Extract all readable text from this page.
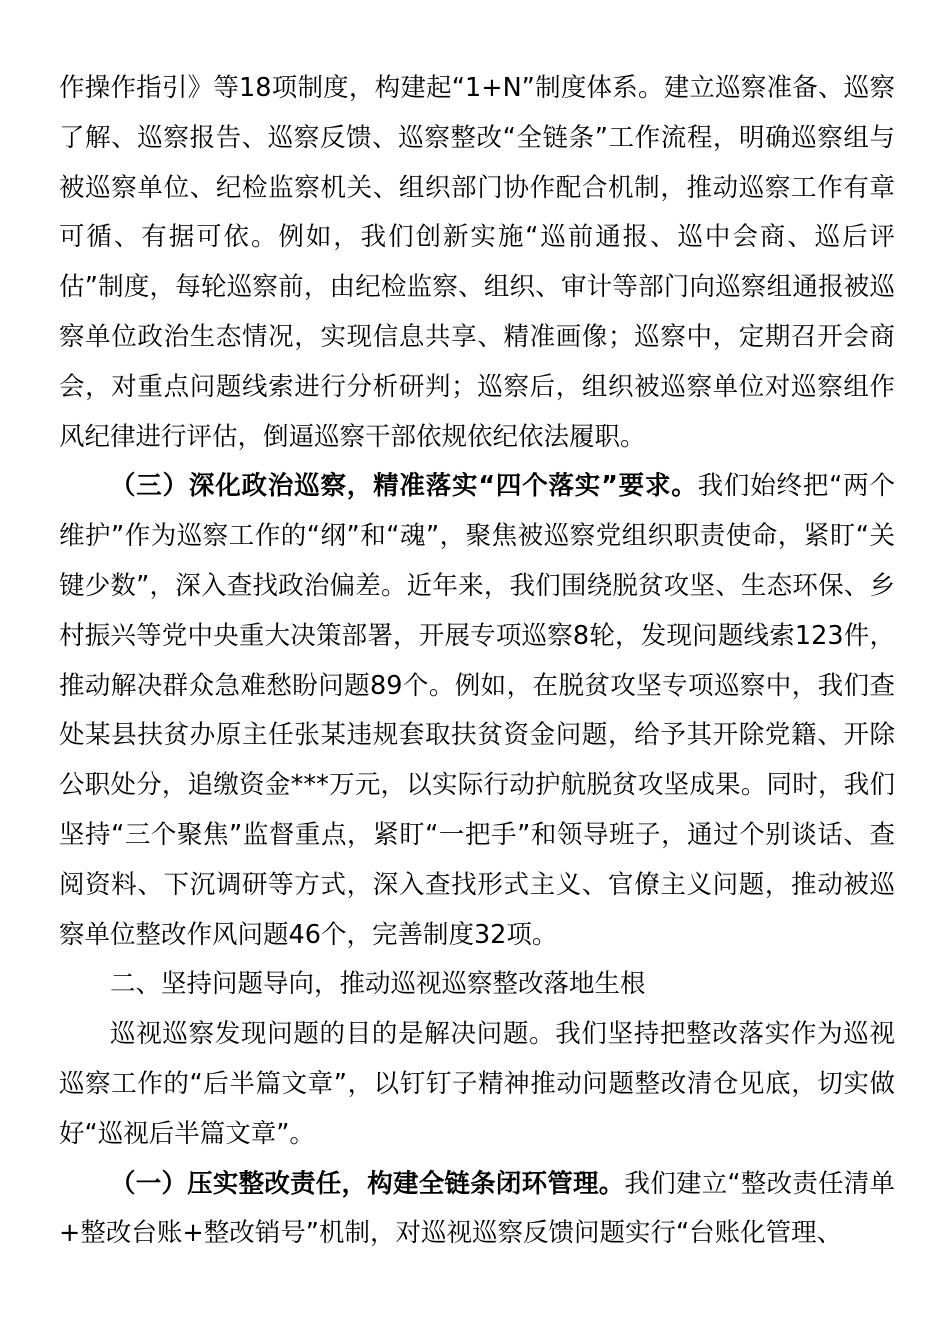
作操作指引》等18项制度，构建起“1+N”制度体系。建立巡察准备、巡察了解、巡察报告、巡察反馈、巡察整改“全链条”工作流程，明确巡察组与被巡察单位、纪检监察机关、组织部门协作配合机制，推动巡察工作有章可循、有据可依。例如，我们创新实施“巡前通报、巡中会商、巡后评估”制度，每轮巡察前，由纪检监察、组织、审计等部门向巡察组通报被巡察单位政治生态情况，实现信息共享、精准画像；巡察中，定期召开会商会，对重点问题线索进行分析研判；巡察后，组织被巡察单位对巡察组作风纪律进行评估，倒逼巡察干部依规依纪依法履职。

（三）深化政治巡察，精准落实“四个落实”要求。我们始终把“两个维护”作为巡察工作的“纲”和“魂”，聚焦被巡察党组织职责使命，紧盯“关键少数”，深入查找政治偏差。近年来，我们围绕脱贫攻坚、生态环保、乡村振兴等党中央重大决策部署，开展专项巡察8轮，发现问题线索123件，推动解决群众急难愁盼问题89个。例如，在脱贫攻坚专项巡察中，我们查处某县扶贫办原主任张某违规套取扶贫资金问题，给予其开除党籍、开除公职处分，追缴资金***万元，以实际行动护航脱贫攻坚成果。同时，我们坚持“三个聚焦”监督重点，紧盯“一把手”和领导班子，通过个别谈话、查阅资料、下沉调研等方式，深入查找形式主义、官僚主义问题，推动被巡察单位整改作风问题46个，完善制度32项。

二、坚持问题导向，推动巡视巡察整改落地生根

巡视巡察发现问题的目的是解决问题。我们坚持把整改落实作为巡视巡察工作的“后半篇文章”，以钉钉子精神推动问题整改清仓见底，切实做好“巡视后半篇文章”。

（一）压实整改责任，构建全链条闭环管理。我们建立“整改责任清单+整改台账+整改销号”机制，对巡视巡察反馈问题实行“台账化管理、
